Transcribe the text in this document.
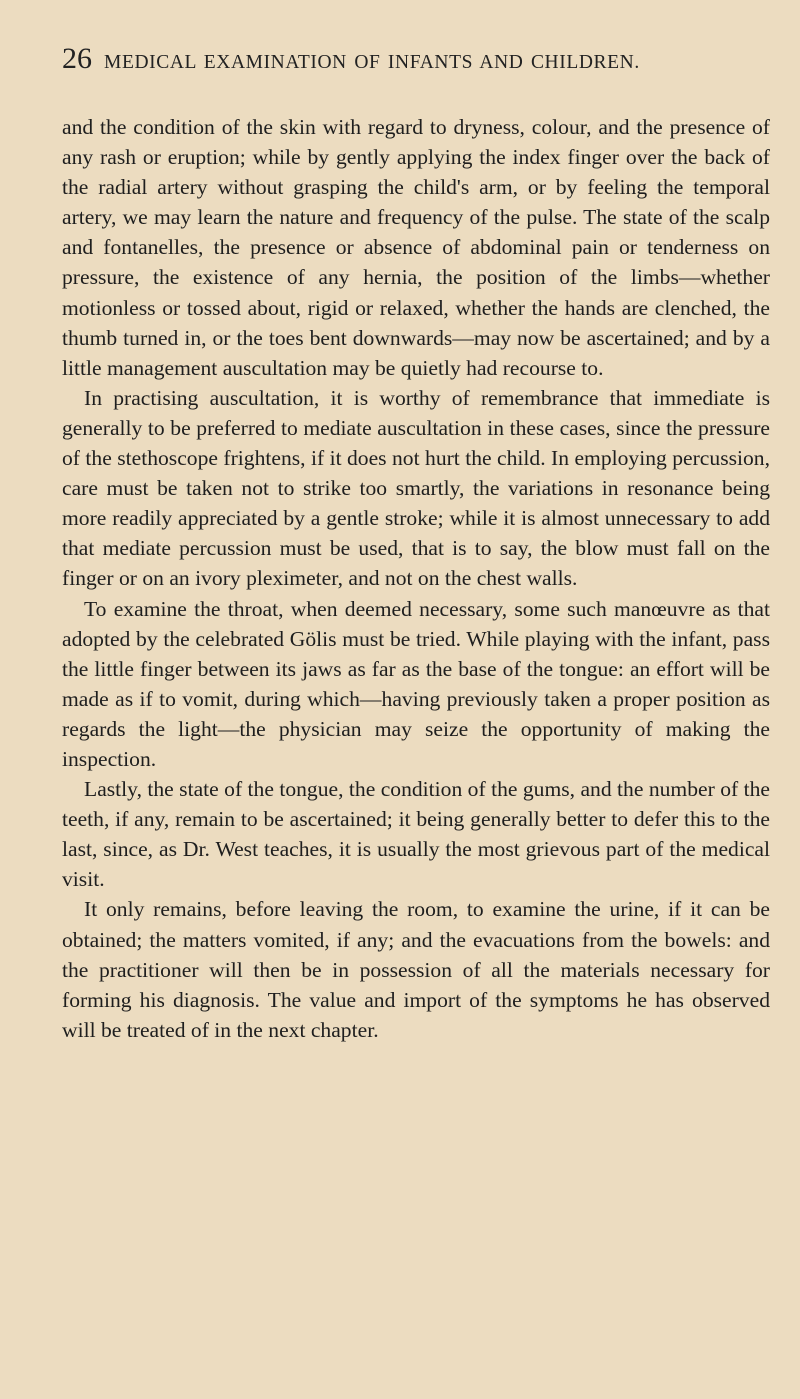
26 MEDICAL EXAMINATION OF INFANTS AND CHILDREN.

and the condition of the skin with regard to dryness, colour, and the presence of any rash or eruption; while by gently applying the index finger over the back of the radial artery without grasping the child's arm, or by feeling the temporal artery, we may learn the nature and frequency of the pulse. The state of the scalp and fontanelles, the presence or absence of abdominal pain or tenderness on pressure, the existence of any hernia, the position of the limbs—whether motionless or tossed about, rigid or relaxed, whether the hands are clenched, the thumb turned in, or the toes bent downwards—may now be ascertained; and by a little management auscultation may be quietly had recourse to.

In practising auscultation, it is worthy of remembrance that immediate is generally to be preferred to mediate auscultation in these cases, since the pressure of the stethoscope frightens, if it does not hurt the child. In employing percussion, care must be taken not to strike too smartly, the variations in resonance being more readily appreciated by a gentle stroke; while it is almost unnecessary to add that mediate percussion must be used, that is to say, the blow must fall on the finger or on an ivory pleximeter, and not on the chest walls.

To examine the throat, when deemed necessary, some such manœuvre as that adopted by the celebrated Gölis must be tried. While playing with the infant, pass the little finger between its jaws as far as the base of the tongue: an effort will be made as if to vomit, during which—having previously taken a proper position as regards the light—the physician may seize the opportunity of making the inspection.

Lastly, the state of the tongue, the condition of the gums, and the number of the teeth, if any, remain to be ascertained; it being generally better to defer this to the last, since, as Dr. West teaches, it is usually the most grievous part of the medical visit.

It only remains, before leaving the room, to examine the urine, if it can be obtained; the matters vomited, if any; and the evacuations from the bowels: and the practitioner will then be in possession of all the materials necessary for forming his diagnosis. The value and import of the symptoms he has observed will be treated of in the next chapter.
